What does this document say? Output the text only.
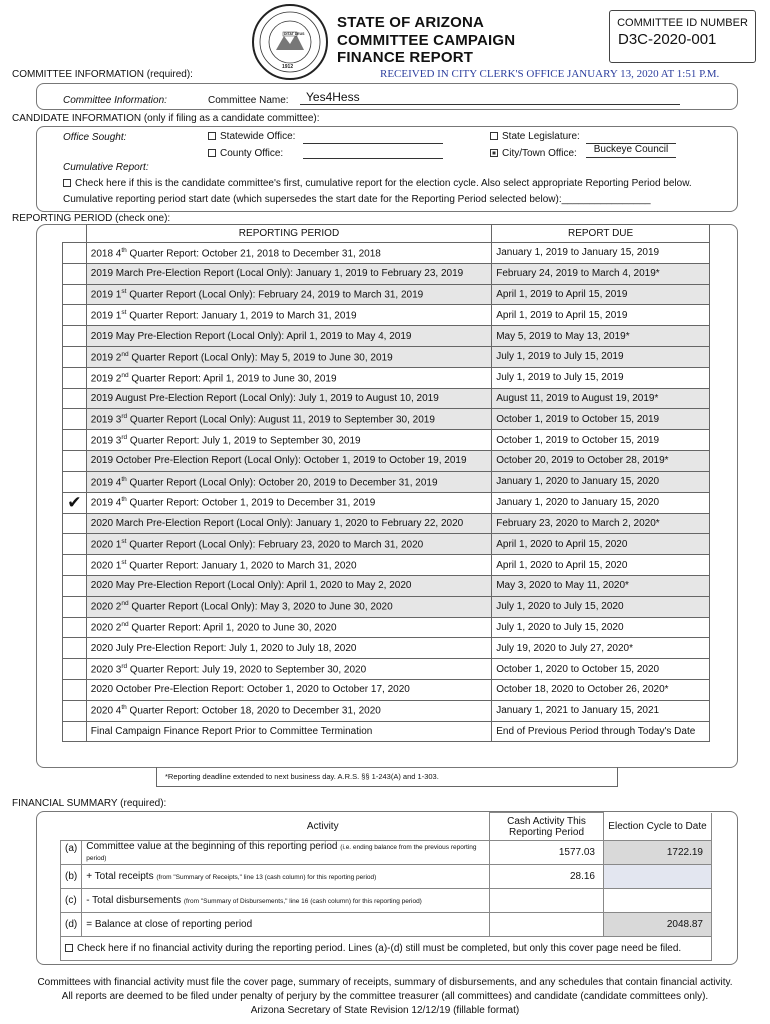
DITAT DEUS
1912
STATE OF ARIZONA
COMMITTEE CAMPAIGN
FINANCE REPORT
COMMITTEE ID NUMBER
D3C-2020-001
RECEIVED IN CITY CLERK'S OFFICE JANUARY 13, 2020 AT 1:51 P.M.
COMMITTEE INFORMATION (required):
Committee Information:	Committee Name:	Yes4Hess
CANDIDATE INFORMATION (only if filing as a candidate committee):
Office Sought:	Statewide Office:
County Office:
State Legislature:
City/Town Office:	Buckeye Council
Cumulative Report:
Check here if this is the candidate committee's first, cumulative report for the election cycle. Also select appropriate Reporting Period below.
Cumulative reporting period start date (which supersedes the start date for the Reporting Period selected below):________________
REPORTING PERIOD (check one):
	REPORTING PERIOD	REPORT DUE
	2018 4th Quarter Report: October 21, 2018 to December 31, 2018	January 1, 2019 to January 15, 2019
	2019 March Pre-Election Report (Local Only): January 1, 2019 to February 23, 2019	February 24, 2019 to March 4, 2019*
	2019 1st Quarter Report (Local Only): February 24, 2019 to March 31, 2019	April 1, 2019 to April 15, 2019
	2019 1st Quarter Report: January 1, 2019 to March 31, 2019	April 1, 2019 to April 15, 2019
	2019 May Pre-Election Report (Local Only): April 1, 2019 to May 4, 2019	May 5, 2019 to May 13, 2019*
	2019 2nd Quarter Report (Local Only): May 5, 2019 to June 30, 2019	July 1, 2019 to July 15, 2019
	2019 2nd Quarter Report: April 1, 2019 to June 30, 2019	July 1, 2019 to July 15, 2019
	2019 August Pre-Election Report (Local Only): July 1, 2019 to August 10, 2019	August 11, 2019 to August 19, 2019*
	2019 3rd Quarter Report (Local Only): August 11, 2019 to September 30, 2019	October 1, 2019 to October 15, 2019
	2019 3rd Quarter Report: July 1, 2019 to September 30, 2019	October 1, 2019 to October 15, 2019
	2019 October Pre-Election Report (Local Only): October 1, 2019 to October 19, 2019	October 20, 2019 to October 28, 2019*
	2019 4th Quarter Report (Local Only): October 20, 2019 to December 31, 2019	January 1, 2020 to January 15, 2020
✔	2019 4th Quarter Report: October 1, 2019 to December 31, 2019	January 1, 2020 to January 15, 2020
	2020 March Pre-Election Report (Local Only): January 1, 2020 to February 22, 2020	February 23, 2020 to March 2, 2020*
	2020 1st Quarter Report (Local Only): February 23, 2020 to March 31, 2020	April 1, 2020 to April 15, 2020
	2020 1st Quarter Report: January 1, 2020 to March 31, 2020	April 1, 2020 to April 15, 2020
	2020 May Pre-Election Report (Local Only): April 1, 2020 to May 2, 2020	May 3, 2020 to May 11, 2020*
	2020 2nd Quarter Report (Local Only): May 3, 2020 to June 30, 2020	July 1, 2020 to July 15, 2020
	2020 2nd Quarter Report: April 1, 2020 to June 30, 2020	July 1, 2020 to July 15, 2020
	2020 July Pre-Election Report: July 1, 2020 to July 18, 2020	July 19, 2020 to July 27, 2020*
	2020 3rd Quarter Report: July 19, 2020 to September 30, 2020	October 1, 2020 to October 15, 2020
	2020 October Pre-Election Report: October 1, 2020 to October 17, 2020	October 18, 2020 to October 26, 2020*
	2020 4th Quarter Report: October 18, 2020 to December 31, 2020	January 1, 2021 to January 15, 2021
	Final Campaign Finance Report Prior to Committee Termination	End of Previous Period through Today's Date
*Reporting deadline extended to next business day. A.R.S. §§ 1-243(A) and 1-303.
FINANCIAL SUMMARY (required):
Activity		Cash Activity This Reporting Period	Election Cycle to Date
(a)	Committee value at the beginning of this reporting period (i.e. ending balance from the previous reporting period)	1577.03	1722.19
(b)	+ Total receipts (from "Summary of Receipts," line 13 (cash column) for this reporting period)	28.16	
(c)	- Total disbursements (from "Summary of Disbursements," line 16 (cash column) for this reporting period)		
(d)	= Balance at close of reporting period		2048.87
Check here if no financial activity during the reporting period. Lines (a)-(d) still must be completed, but only this cover page need be filed.			
Committees with financial activity must file the cover page, summary of receipts, summary of disbursements, and any schedules that contain financial activity.
All reports are deemed to be filed under penalty of perjury by the committee treasurer (all committees) and candidate (candidate committees only).
Arizona Secretary of State Revision 12/12/19 (fillable format)
